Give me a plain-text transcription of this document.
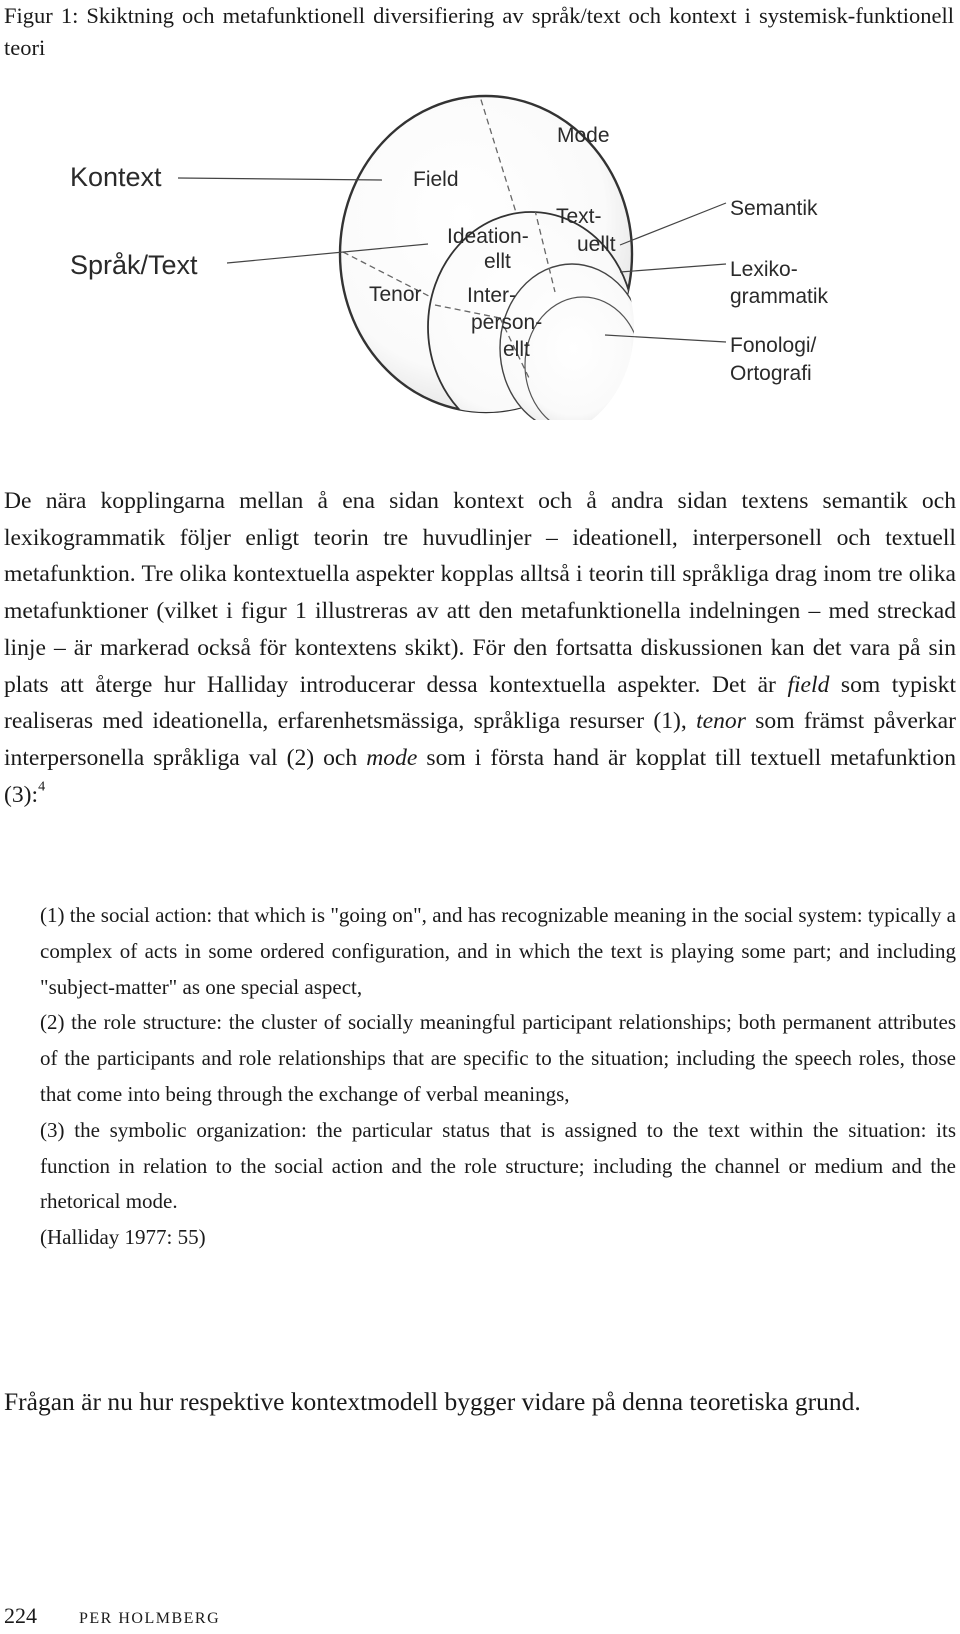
Figur 1: Skiktning och metafunktionell diversifiering av språk/text och kontext i systemisk-funktionell teori
Kontext
Språk/Text
Mode
Field
Tenor
Ideation-
ellt
Text-
uellt
Inter-
person-
ellt
Semantik
Lexiko-
grammatik
Fonologi/
Ortografi

De nära kopplingarna mellan å ena sidan kontext och å andra sidan textens semantik och lexikogrammatik följer enligt teorin tre huvudlinjer – ideationell, interpersonell och textuell metafunktion. Tre olika kontextuella aspekter kopplas alltså i teorin till språkliga drag inom tre olika metafunktioner (vilket i figur 1 illustreras av att den metafunktionella indelningen – med streckad linje – är markerad också för kontextens skikt). För den fortsatta diskussionen kan det vara på sin plats att återge hur Halliday introducerar dessa kontextuella aspekter. Det är field som typiskt realiseras med ideationella, erfarenhetsmässiga, språkliga resurser (1), tenor som främst påverkar interpersonella språkliga val (2) och mode som i första hand är kopplat till textuell metafunktion (3):$^4$

(1) the social action: that which is "going on", and has recognizable meaning in the social system: typically a complex of acts in some ordered configuration, and in which the text is playing some part; and including "subject-matter" as one special aspect,

(2) the role structure: the cluster of socially meaningful participant relationships; both permanent attributes of the participants and role relationships that are specific to the situation; including the speech roles, those that come into being through the exchange of verbal meanings,

(3) the symbolic organization: the particular status that is assigned to the text within the situation: its function in relation to the social action and the role structure; including the channel or medium and the rhetorical mode.

(Halliday 1977: 55)

Frågan är nu hur respektive kontextmodell bygger vidare på denna teoretiska grund.

224	PER HOLMBERG
